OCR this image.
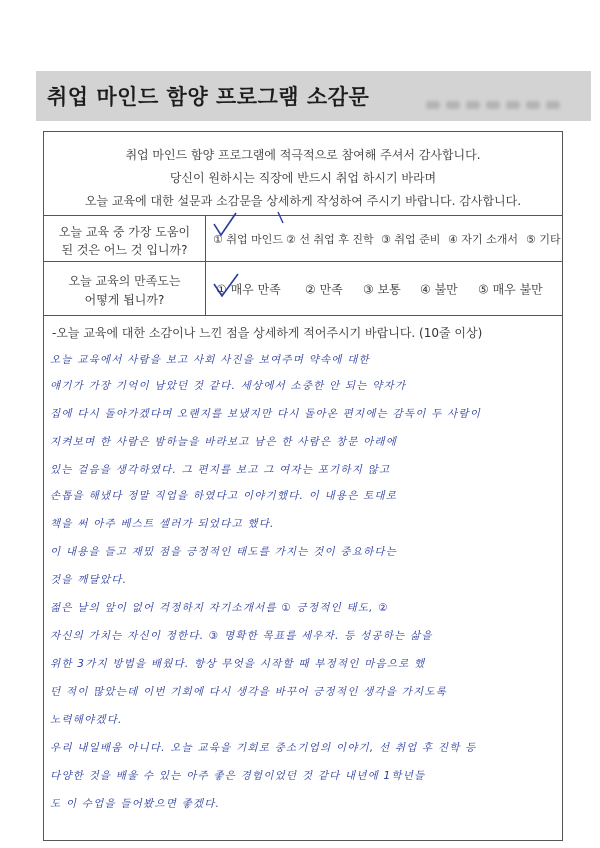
취업 마인드 함양 프로그램 소감문
취업 마인드 함양 프로그램에 적극적으로 참여해 주셔서 감사합니다.
당신이 원하시는 직장에 반드시 취업 하시기 바라며
오늘 교육에 대한 설문과 소감문을 상세하게 작성하여 주시기 바랍니다. 감사합니다.
오늘 교육 중 가장 도움이
된 것은 어느 것 입니까?
① 취업 마인드 ② 선 취업 후 진학 ③ 취업 준비 ④ 자기 소개서 ⑤ 기타
오늘 교육의 만족도는
어떻게 됩니까?
① 매우 만족 ② 만족 ③ 보통 ④ 불만 ⑤ 매우 불만
-오늘 교육에 대한 소감이나 느낀 점을 상세하게 적어주시기 바랍니다. (10줄 이상)
오늘 교육에서 사람을 보고 사회 사진을 보여주며 약속에 대한
얘기가 가장 기억이 남았던 것 같다. 세상에서 소중한 안 되는 약자가
집에 다시 돌아가겠다며 오랜지를 보냈지만 다시 돌아온 편지에는 감독이 두 사람이
지켜보며 한 사람은 밤하늘을 바라보고 남은 한 사람은 창문 아래에
있는 걸음을 생각하였다. 그 편지를 보고 그 여자는 포기하지 않고
손톱을 해냈다 정말 직업을 하였다고 이야기했다. 이 내용은 토대로
책을 써 아주 베스트 셀러가 되었다고 했다.
이 내용을 들고 재밌 점을 긍정적인 태도를 가지는 것이 중요하다는
것을 깨달았다.
젊은 날의 앞이 없어 걱정하지 자기소개서를 ① 긍정적인 태도, ②
자신의 가치는 자신이 정한다. ③ 명확한 목표를 세우자. 등 성공하는 삶을
위한 3가지 방법을 배웠다. 항상 무엇을 시작할 때 부정적인 마음으로 했
던 적이 많았는데 이번 기회에 다시 생각을 바꾸어 긍정적인 생각을 가지도록
노력해야겠다.
우리 내일배움 아니다. 오늘 교육을 기회로 중소기업의 이야기, 선 취업 후 진학 등
다양한 것을 배울 수 있는 아주 좋은 경험이었던 것 같다 내년에 1학년들
도 이 수업을 들어봤으면 좋겠다.
